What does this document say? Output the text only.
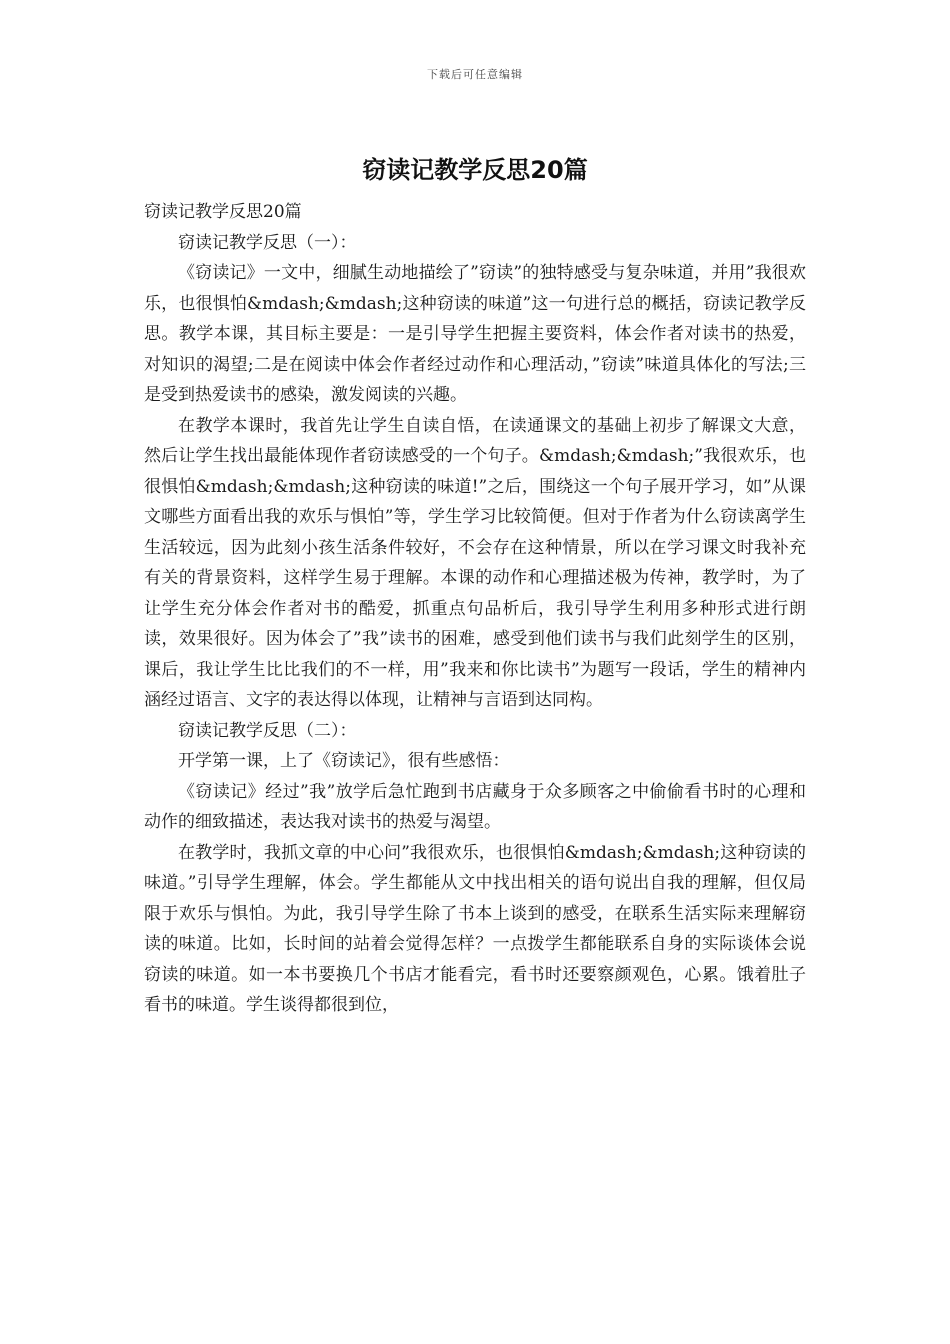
下载后可任意编辑
窃读记教学反思20篇

窃读记教学反思20篇

窃读记教学反思（一）：

《窃读记》一文中，细腻生动地描绘了”窃读”的独特感受与复杂味道，并用”我很欢乐，也很惧怕&mdash;&mdash;这种窃读的味道”这一句进行总的概括，窃读记教学反思。教学本课，其目标主要是：一是引导学生把握主要资料，体会作者对读书的热爱，对知识的渴望;二是在阅读中体会作者经过动作和心理活动，”窃读”味道具体化的写法;三是受到热爱读书的感染，激发阅读的兴趣。

在教学本课时，我首先让学生自读自悟，在读通课文的基础上初步了解课文大意，然后让学生找出最能体现作者窃读感受的一个句子。&mdash;&mdash;”我很欢乐，也很惧怕&mdash;&mdash;这种窃读的味道!”之后，围绕这一个句子展开学习，如”从课文哪些方面看出我的欢乐与惧怕”等，学生学习比较简便。但对于作者为什么窃读离学生生活较远，因为此刻小孩生活条件较好，不会存在这种情景，所以在学习课文时我补充有关的背景资料，这样学生易于理解。本课的动作和心理描述极为传神，教学时，为了让学生充分体会作者对书的酷爱，抓重点句品析后，我引导学生利用多种形式进行朗读，效果很好。因为体会了”我”读书的困难，感受到他们读书与我们此刻学生的区别，课后，我让学生比比我们的不一样，用”我来和你比读书”为题写一段话，学生的精神内涵经过语言、文字的表达得以体现，让精神与言语到达同构。

窃读记教学反思（二）：

开学第一课，上了《窃读记》，很有些感悟：

《窃读记》经过”我”放学后急忙跑到书店藏身于众多顾客之中偷偷看书时的心理和动作的细致描述，表达我对读书的热爱与渴望。

在教学时，我抓文章的中心问”我很欢乐，也很惧怕&mdash;&mdash;这种窃读的味道。”引导学生理解，体会。学生都能从文中找出相关的语句说出自我的理解，但仅局限于欢乐与惧怕。为此，我引导学生除了书本上谈到的感受，在联系生活实际来理解窃读的味道。比如，长时间的站着会觉得怎样？一点拨学生都能联系自身的实际谈体会说窃读的味道。如一本书要换几个书店才能看完，看书时还要察颜观色，心累。饿着肚子看书的味道。学生谈得都很到位，
